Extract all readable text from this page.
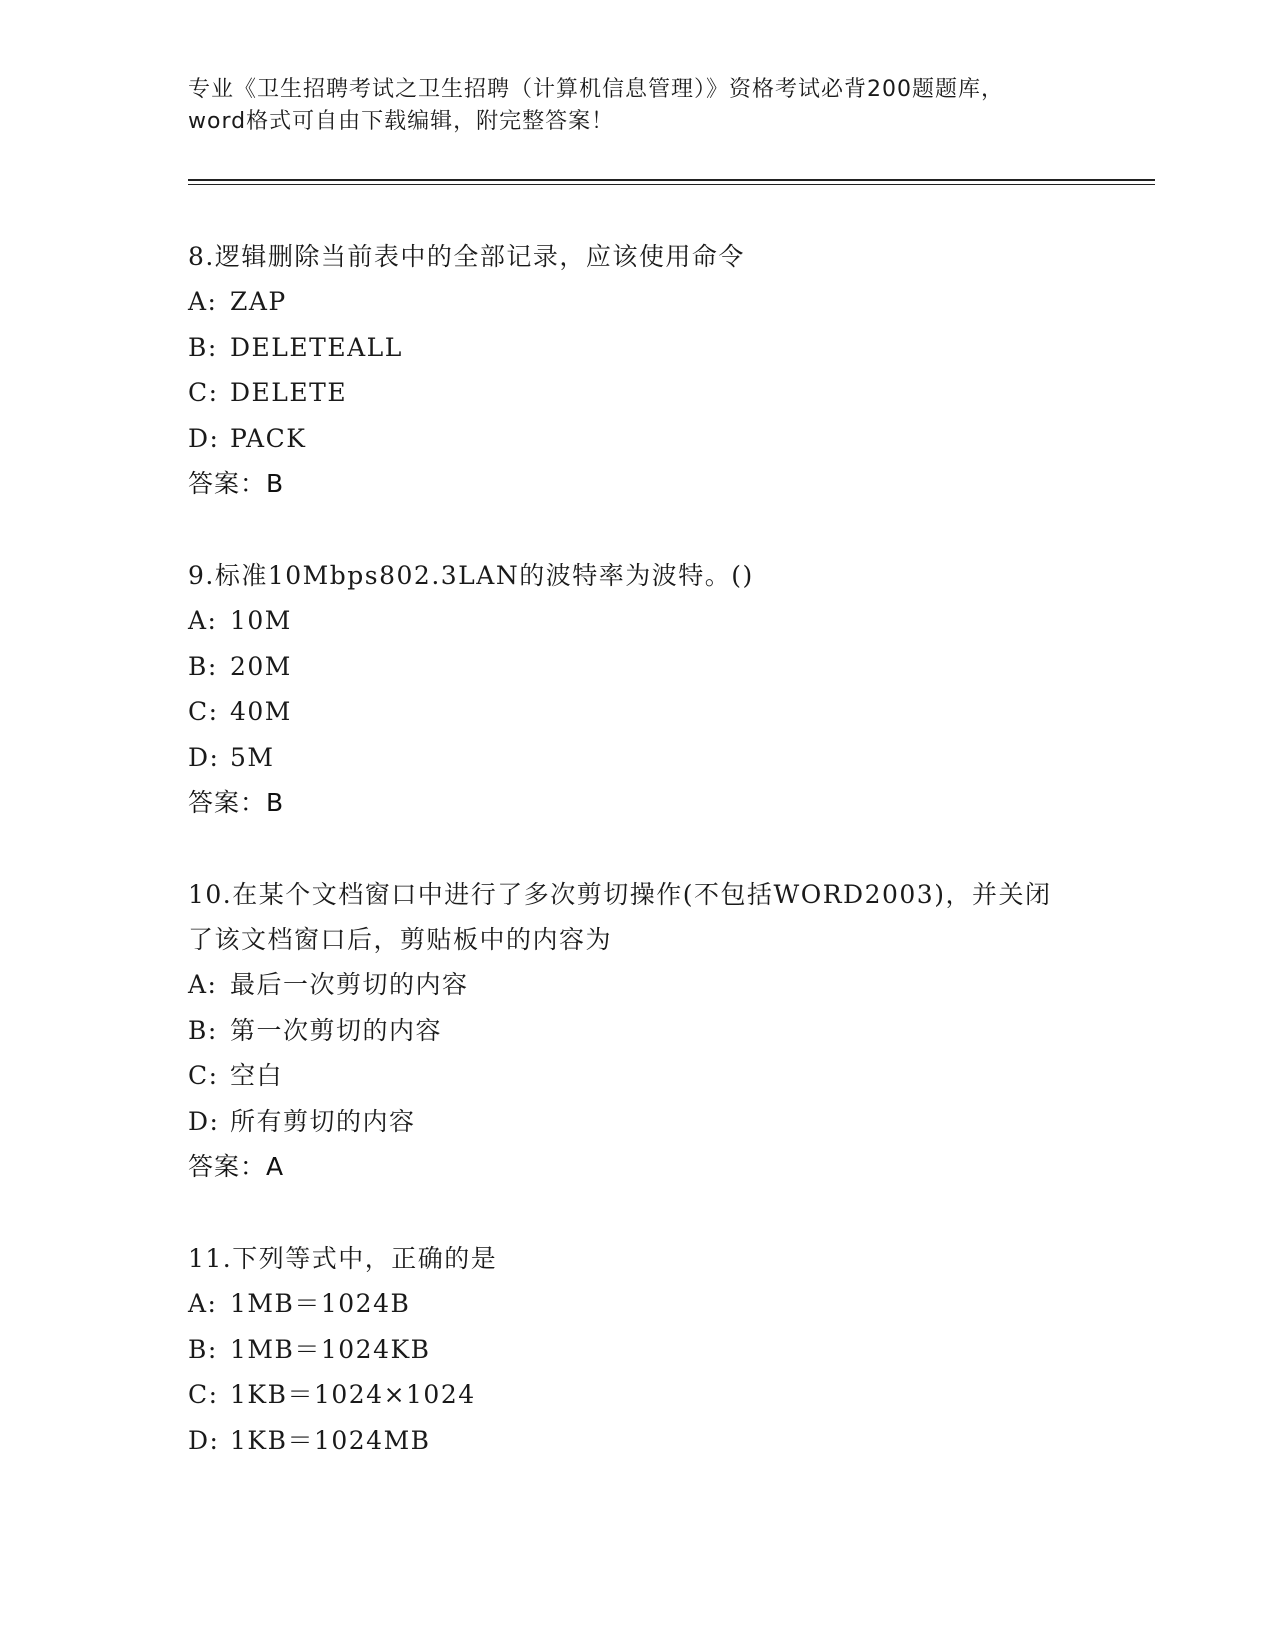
专业《卫生招聘考试之卫生招聘（计算机信息管理）》资格考试必背200题题库，
word格式可自由下载编辑，附完整答案！
8.逻辑删除当前表中的全部记录，应该使用命令
A: ZAP
B: DELETEALL
C: DELETE
D: PACK
答案：B
9.标准10Mbps802.3LAN的波特率为波特。()
A: 10M
B: 20M
C: 40M
D: 5M
答案：B
10.在某个文档窗口中进行了多次剪切操作(不包括WORD2003)，并关闭
了该文档窗口后，剪贴板中的内容为
A: 最后一次剪切的内容
B: 第一次剪切的内容
C: 空白
D: 所有剪切的内容
答案：A
11.下列等式中，正确的是
A: 1MB＝1024B
B: 1MB＝1024KB
C: 1KB＝1024×1024
D: 1KB＝1024MB
